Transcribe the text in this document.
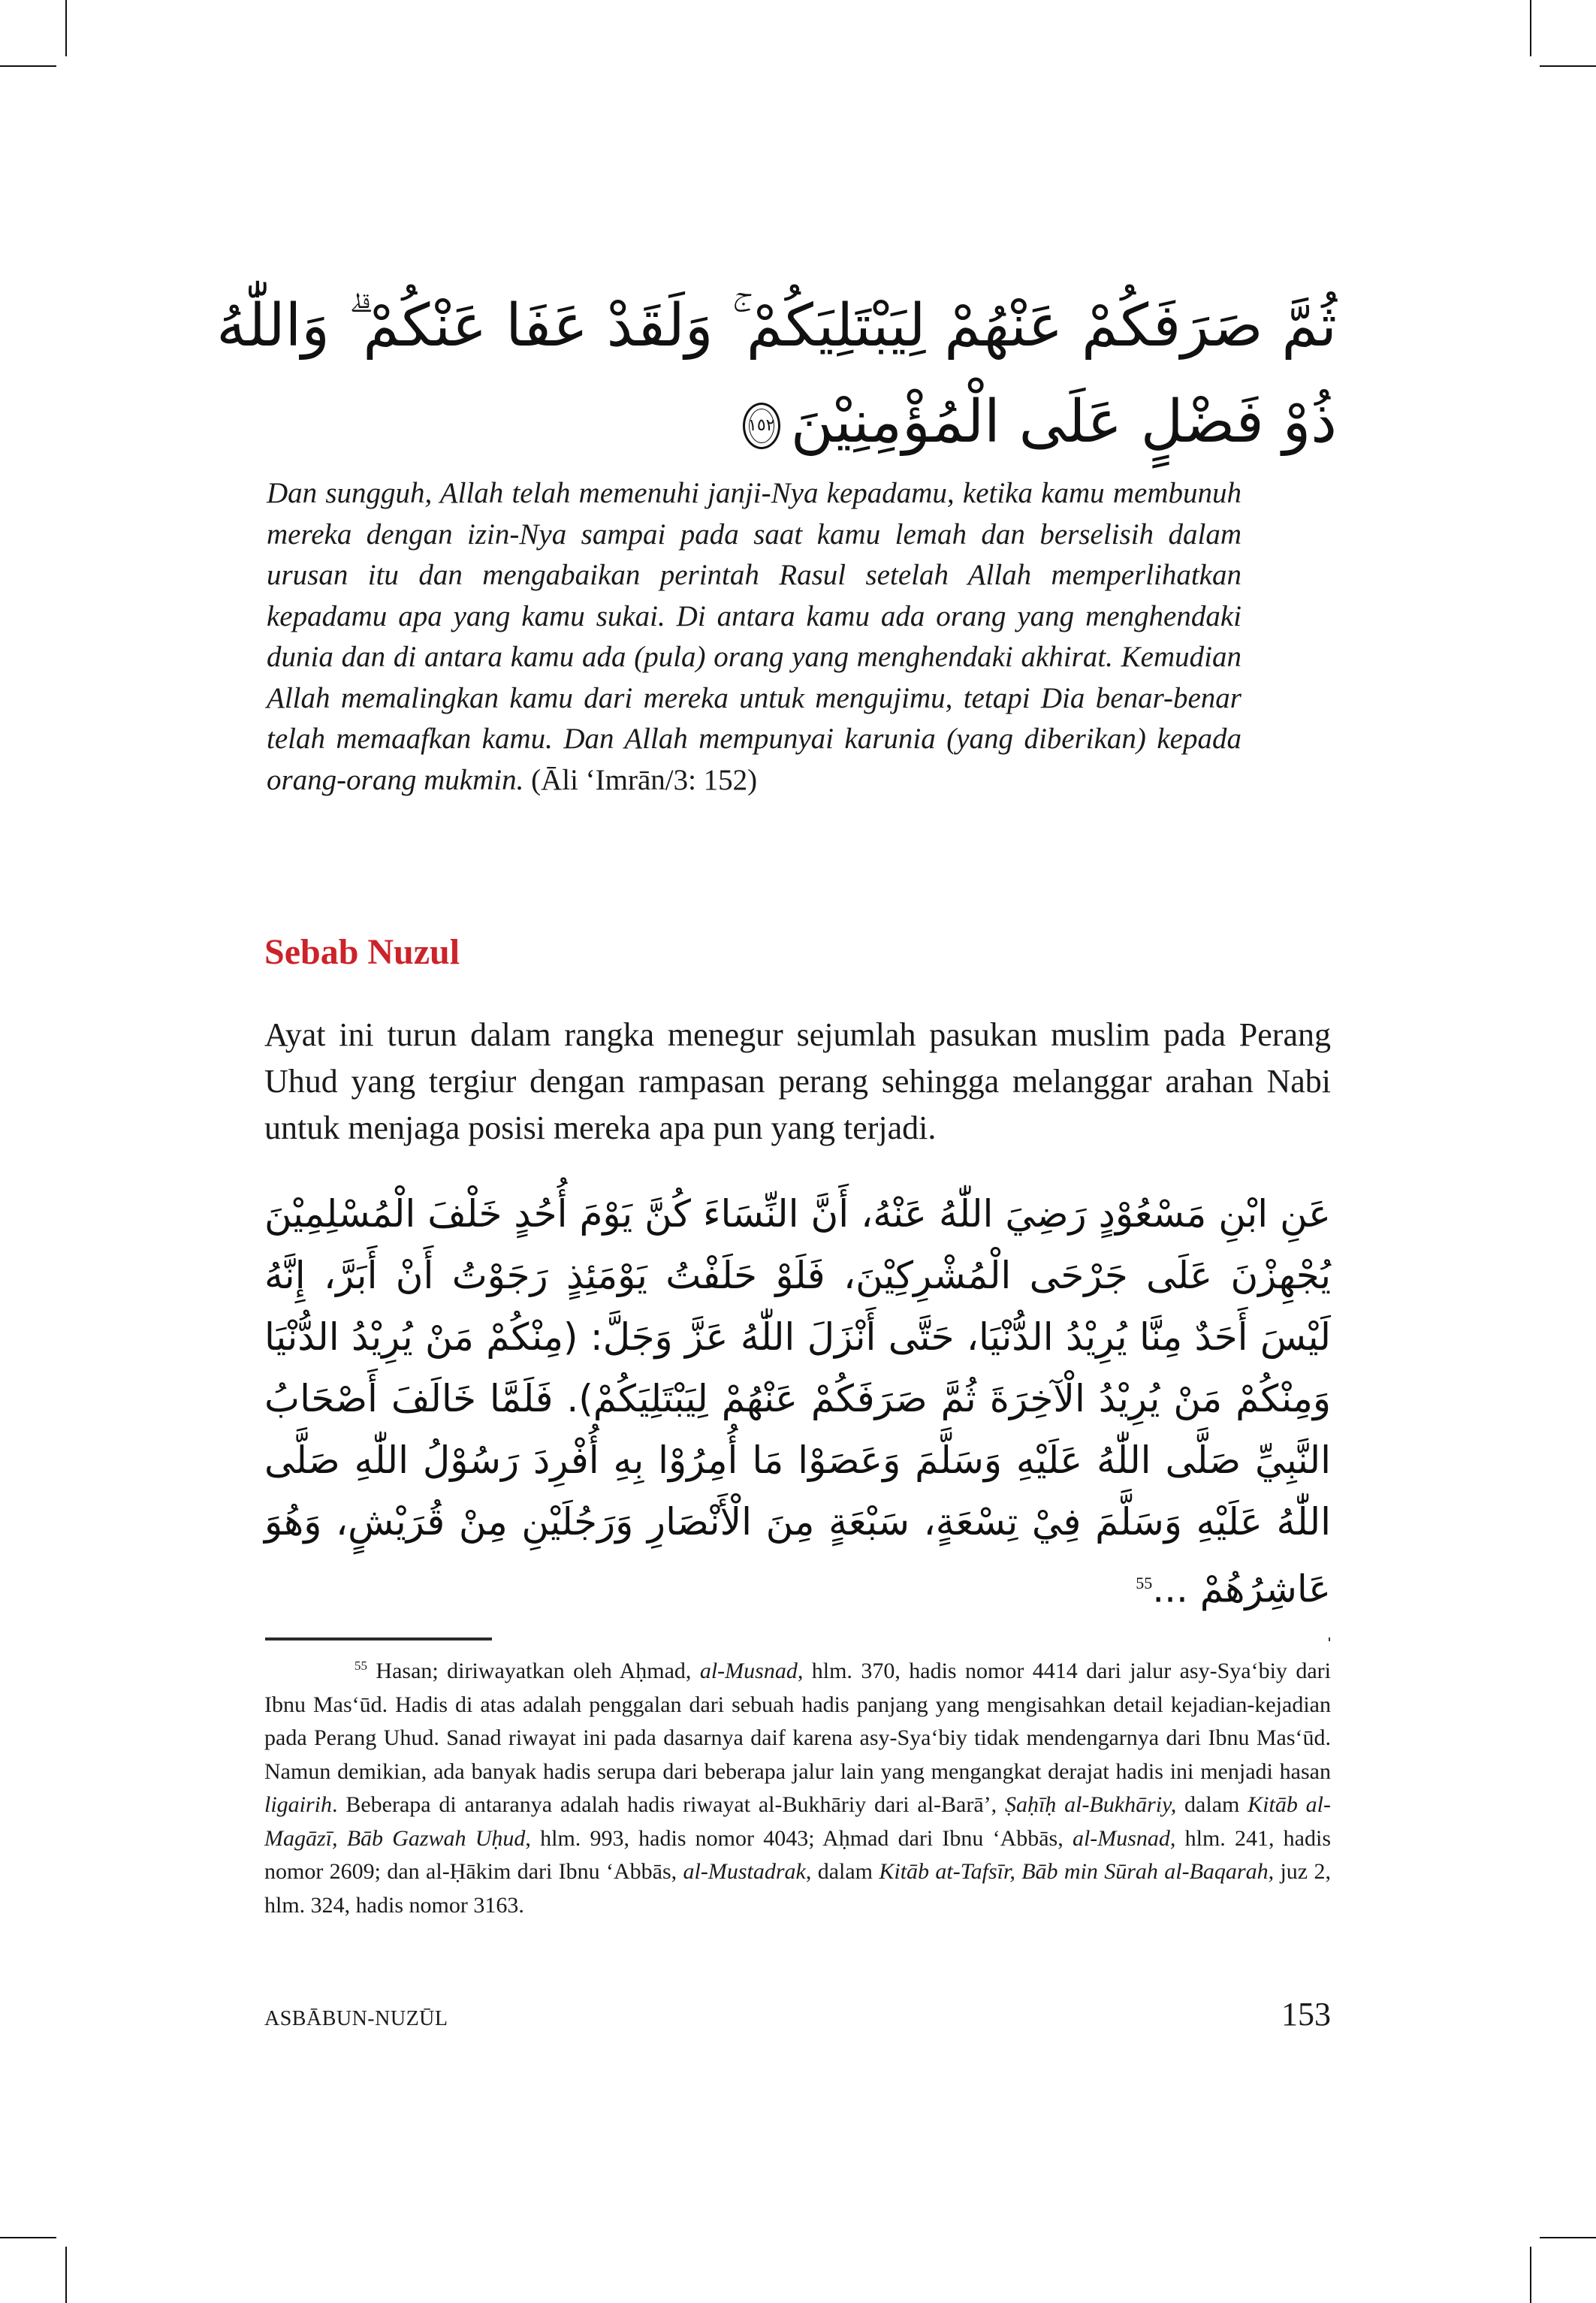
ثُمَّ صَرَفَكُمْ عَنْهُمْ لِيَبْتَلِيَكُمْ ۚ وَلَقَدْ عَفَا عَنْكُمْ ۗ وَاللّٰهُ
ذُوْ فَضْلٍ عَلَى الْمُؤْمِنِيْنَ١٥٢
Dan sungguh, Allah telah memenuhi janji-Nya kepadamu, ketika kamu membunuh mereka dengan izin-Nya sampai pada saat kamu lemah dan berselisih dalam urusan itu dan mengabaikan perintah Rasul setelah Allah memperlihatkan kepadamu apa yang kamu sukai. Di antara kamu ada orang yang menghendaki dunia dan di antara kamu ada (pula) orang yang menghendaki akhirat. Kemudian Allah memalingkan kamu dari mereka untuk mengujimu, tetapi Dia benar-benar telah memaafkan kamu. Dan Allah mempunyai karunia (yang diberikan) kepada orang-orang mukmin. (Āli ‘Imrān/3: 152)
Sebab Nuzul

Ayat ini turun dalam rangka menegur sejumlah pasukan muslim pada Perang Uhud yang tergiur dengan rampasan perang sehingga melanggar arahan Nabi untuk menjaga posisi mereka apa pun yang terjadi.

عَنِ ابْنِ مَسْعُوْدٍ رَضِيَ اللّٰهُ عَنْهُ، أَنَّ النِّسَاءَ كُنَّ يَوْمَ أُحُدٍ خَلْفَ الْمُسْلِمِيْنَ يُجْهِزْنَ عَلَى جَرْحَى الْمُشْرِكِيْنَ، فَلَوْ حَلَفْتُ يَوْمَئِذٍ رَجَوْتُ أَنْ أَبَرَّ، إِنَّهُ لَيْسَ أَحَدٌ مِنَّا يُرِيْدُ الدُّنْيَا، حَتَّى أَنْزَلَ اللّٰهُ عَزَّ وَجَلَّ: (مِنْكُمْ مَنْ يُرِيْدُ الدُّنْيَا وَمِنْكُمْ مَنْ يُرِيْدُ الْآخِرَةَ ثُمَّ صَرَفَكُمْ عَنْهُمْ لِيَبْتَلِيَكُمْ). فَلَمَّا خَالَفَ أَصْحَابُ النَّبِيِّ صَلَّى اللّٰهُ عَلَيْهِ وَسَلَّمَ وَعَصَوْا مَا أُمِرُوْا بِهِ أُفْرِدَ رَسُوْلُ اللّٰهِ صَلَّى اللّٰهُ عَلَيْهِ وَسَلَّمَ فِيْ تِسْعَةٍ، سَبْعَةٍ مِنَ الْأَنْصَارِ وَرَجُلَيْنِ مِنْ قُرَيْشٍ، وَهُوَ عَاشِرُهُمْ ...$^{55}$
$^{55}$ Hasan; diriwayatkan oleh Aḥmad, al-Musnad, hlm. 370, hadis nomor 4414 dari jalur asy-Sya‘biy dari Ibnu Mas‘ūd. Hadis di atas adalah penggalan dari sebuah hadis panjang yang mengisahkan detail kejadian-kejadian pada Perang Uhud. Sanad riwayat ini pada dasarnya daif karena asy-Sya‘biy tidak mendengarnya dari Ibnu Mas‘ūd. Namun demikian, ada banyak hadis serupa dari beberapa jalur lain yang mengangkat derajat hadis ini menjadi hasan ligairih. Beberapa di antaranya adalah hadis riwayat al-Bukhāriy dari al-Barā’, Ṣaḥīḥ al-Bukhāriy, dalam Kitāb al-Magāzī, Bāb Gazwah Uḥud, hlm. 993, hadis nomor 4043; Aḥmad dari Ibnu ‘Abbās, al-Musnad, hlm. 241, hadis nomor 2609; dan al-Ḥākim dari Ibnu ‘Abbās, al-Mustadrak, dalam Kitāb at-Tafsīr, Bāb min Sūrah al-Baqarah, juz 2, hlm. 324, hadis nomor 3163.
ASBĀBUN-NUZŪL	153
